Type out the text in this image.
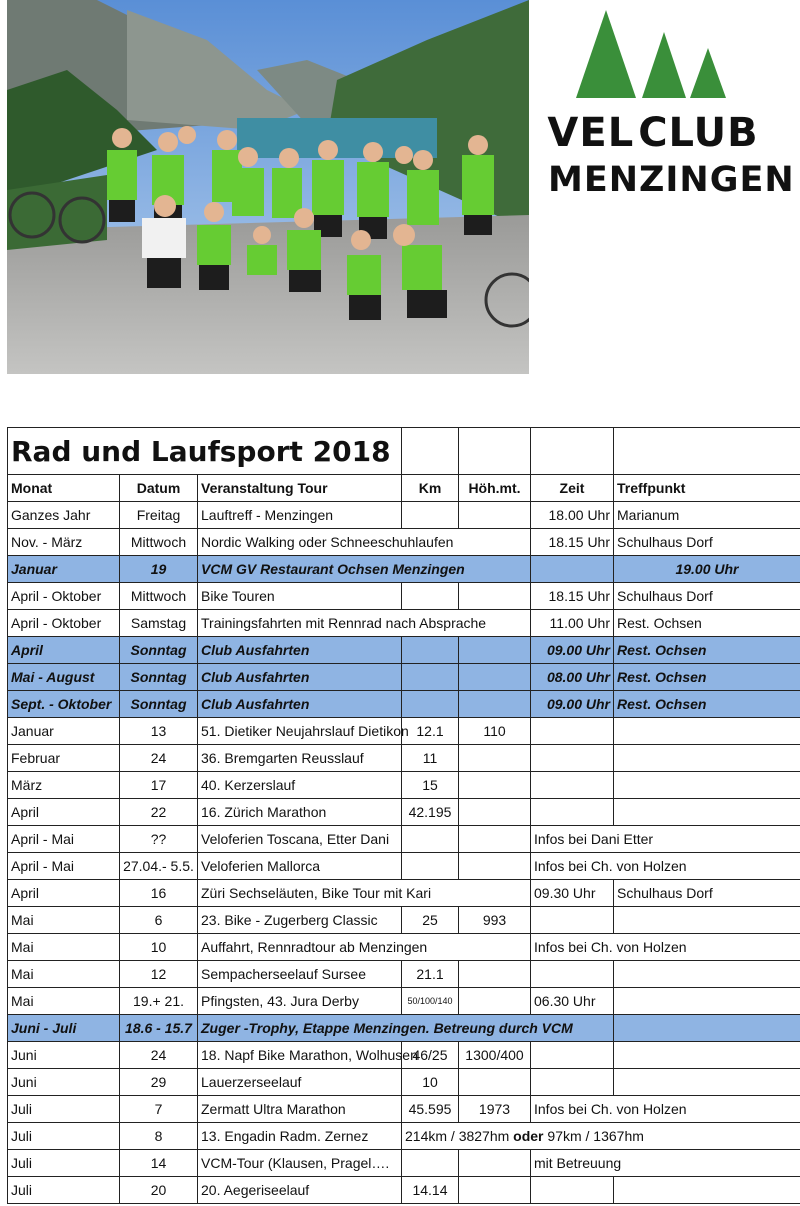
VEL CLUB
MENZINGEN
Rad und Laufsport 2018						
Monat	Datum	Veranstaltung Tour	Km	Höh.mt.	Zeit	Treffpunkt
Ganzes Jahr	Freitag	Lauftreff - Menzingen			18.00 Uhr	Marianum
Nov. - März	Mittwoch	Nordic Walking oder Schneeschuhlaufen			18.15 Uhr	Schulhaus Dorf
Januar	19	VCM GV Restaurant Ochsen Menzingen				19.00 Uhr
April - Oktober	Mittwoch	Bike Touren			18.15 Uhr	Schulhaus Dorf
April - Oktober	Samstag	Trainingsfahrten mit Rennrad nach Absprache			11.00 Uhr	Rest. Ochsen
April	Sonntag	Club Ausfahrten			09.00 Uhr	Rest. Ochsen
Mai - August	Sonntag	Club Ausfahrten			08.00 Uhr	Rest. Ochsen
Sept. - Oktober	Sonntag	Club Ausfahrten			09.00 Uhr	Rest. Ochsen
Januar	13	51. Dietiker Neujahrslauf Dietikon	12.1	110		
Februar	24	36. Bremgarten Reusslauf	11			
März	17	40. Kerzerslauf	15			
April	22	16. Zürich Marathon	42.195			
April - Mai	??	Veloferien Toscana, Etter Dani			Infos bei Dani Etter	
April - Mai	27.04.- 5.5.	Veloferien Mallorca			Infos bei Ch. von Holzen	
April	16	Züri Sechseläuten, Bike Tour mit Kari			09.30 Uhr	Schulhaus Dorf
Mai	6	23. Bike - Zugerberg Classic	25	993		
Mai	10	Auffahrt, Rennradtour ab Menzingen			Infos bei Ch. von Holzen	
Mai	12	Sempacherseelauf Sursee	21.1			
Mai	19.+ 21.	Pfingsten, 43. Jura Derby	50/100/140		06.30 Uhr	
Juni - Juli	18.6 - 15.7	Zuger -Trophy, Etappe Menzingen. Betreung durch VCM				
Juni	24	18. Napf Bike Marathon, Wolhusen	46/25	1300/400		
Juni	29	Lauerzerseelauf	10			
Juli	7	Zermatt Ultra Marathon	45.595	1973	Infos bei Ch. von Holzen	
Juli	8	13. Engadin Radm. Zernez	214km / 3827hm oder 97km / 1367hm			
Juli	14	VCM-Tour (Klausen, Pragel….			mit Betreuung	
Juli	20	20. Aegeriseelauf	14.14			
